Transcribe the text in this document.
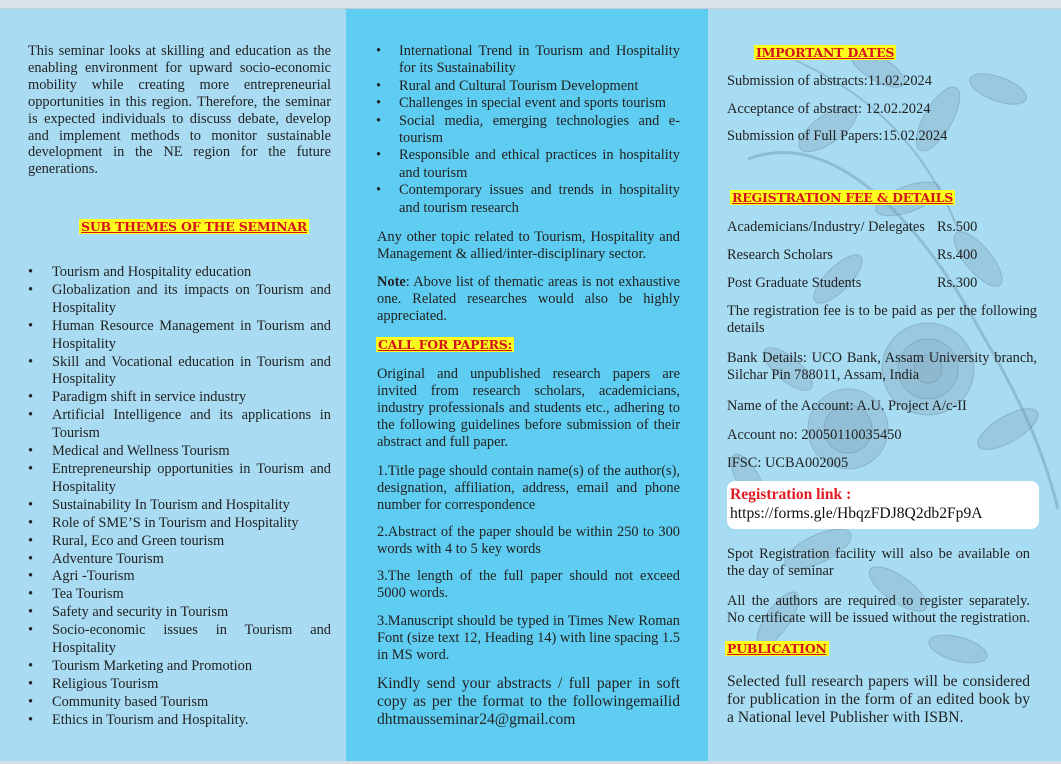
This seminar looks at skilling and education as the enabling environment for upward socio-economic mobility while creating more entrepreneurial opportunities in this region. Therefore, the seminar is expected individuals to discuss debate, develop and implement methods to monitor sustainable development in the NE region for the future generations.

SUB THEMES OF THE SEMINAR
•	Tourism and Hospitality education
•	Globalization and its impacts on Tourism and Hospitality
•	Human Resource Management in Tourism and Hospitality
•	Skill and Vocational education in Tourism and Hospitality
•	Paradigm shift in service industry
•	Artificial Intelligence and its applications in Tourism
•	Medical and Wellness Tourism
•	Entrepreneurship opportunities in Tourism and Hospitality
•	Sustainability In Tourism and Hospitality
•	Role of SME’S in Tourism and Hospitality
•	Rural, Eco and Green tourism
•	Adventure Tourism
•	Agri -Tourism
•	Tea Tourism
•	Safety and security in Tourism
•	Socio-economic issues in Tourism and Hospitality
•	Tourism Marketing and Promotion
•	Religious Tourism
•	Community based Tourism
•	Ethics in Tourism and Hospitality.
•	International Trend in Tourism and Hospitality for its Sustainability
•	Rural and Cultural Tourism Development
•	Challenges in special event and sports tourism
•	Social media, emerging technologies and e-tourism
•	Responsible and ethical practices in hospitality and tourism
•	Contemporary issues and trends in hospitality and tourism research

Any other topic related to Tourism, Hospitality and Management & allied/inter-disciplinary sector.

Note: Above list of thematic areas is not exhaustive one. Related researches would also be highly appreciated.

CALL FOR PAPERS:

Original and unpublished research papers are invited from research scholars, academicians, industry professionals and students etc., adhering to the following guidelines before submission of their abstract and full paper.

1.Title page should contain name(s) of the author(s), designation, affiliation, address, email and phone number for correspondence

2.Abstract of the paper should be within 250 to 300 words with 4 to 5 key words

3.The length of the full paper should not exceed 5000 words.

3.Manuscript should be typed in Times New Roman Font (size text 12, Heading 14) with line spacing 1.5 in MS word.

Kindly send your abstracts / full paper in soft copy as per the format to the followingemailid dhtmausseminar24@gmail.com

IMPORTANT DATES

Submission of abstracts:11.02.2024

Acceptance of abstract: 12.02.2024

Submission of Full Papers:15.02.2024

REGISTRATION FEE & DETAILS
Academicians/Industry/ Delegates Rs.500
Research Scholars	Rs.400
Post Graduate Students	Rs.300

The registration fee is to be paid as per the following details

Bank Details: UCO Bank, Assam University branch, Silchar Pin 788011, Assam, India

Name of the Account: A.U. Project A/c-II

Account no: 20050110035450

IFSC: UCBA002005

Registration link :
https://forms.gle/HbqzFDJ8Q2db2Fp9A

Spot Registration facility will also be available on the day of seminar

All the authors are required to register separately. No certificate will be issued without the registration.

PUBLICATION

Selected full research papers will be considered for publication in the form of an edited book by a National level Publisher with ISBN.
